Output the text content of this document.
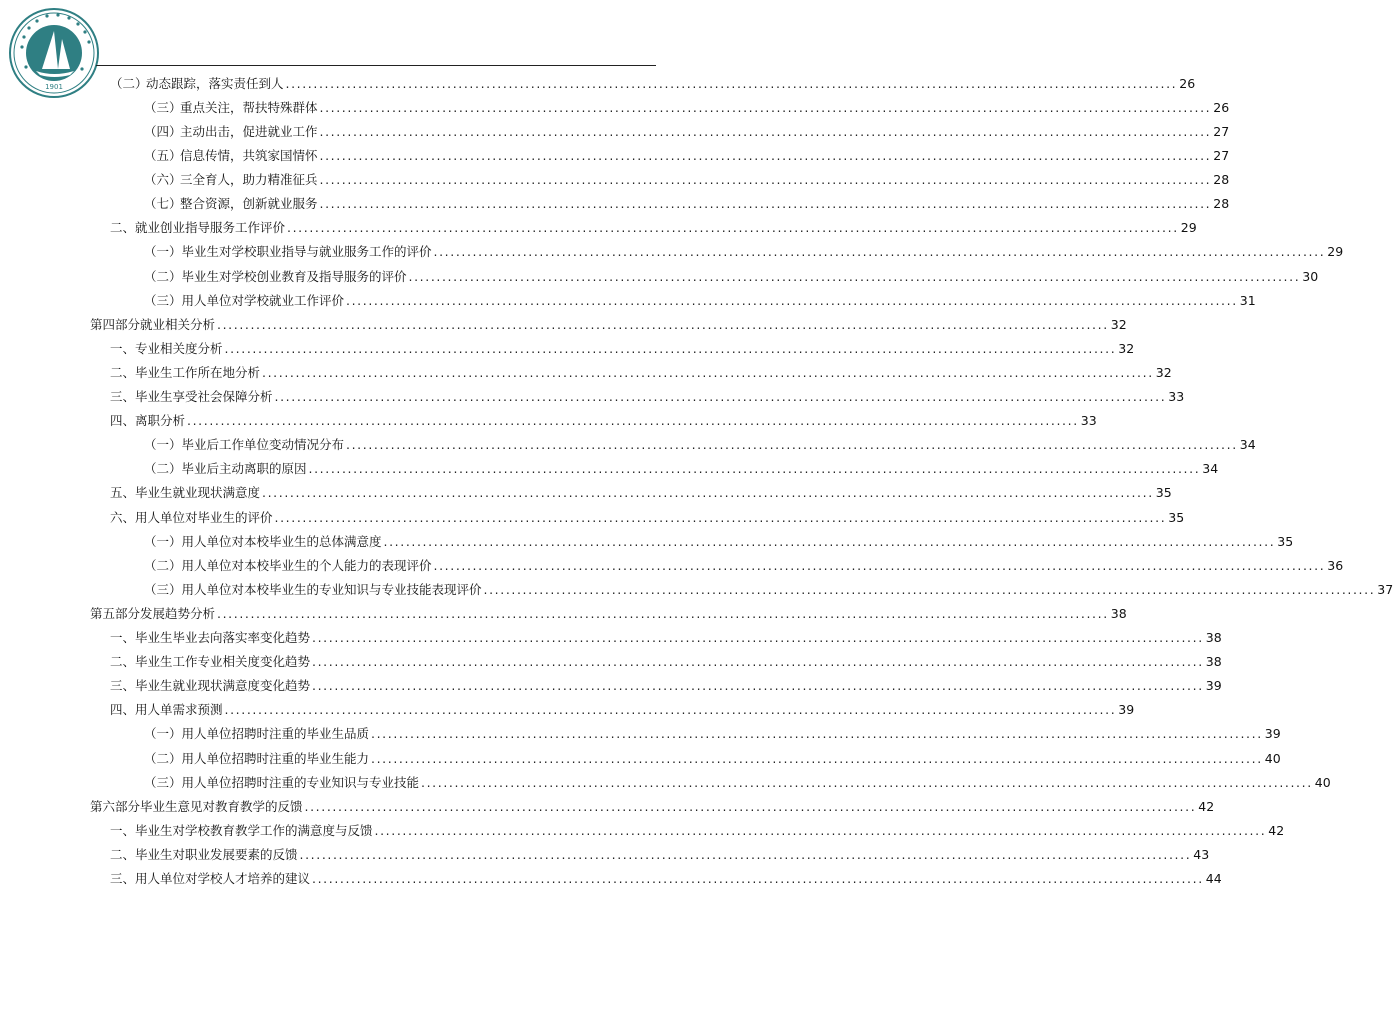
1901	（二）
动态跟踪，落实责任到人 ................................................................................................................................................................ 26
（三）
重点关注，帮扶特殊群体 ................................................................................................................................................................ 26
（四）
主动出击，促进就业工作 ................................................................................................................................................................ 27
（五）
信息传情，共筑家国情怀 ................................................................................................................................................................ 27
（六）
三全育人，助力精准征兵 ................................................................................................................................................................ 28
（七）
整合资源，创新就业服务 ................................................................................................................................................................ 28
二、 就业创业指导服务工作评价 ................................................................................................................................................................ 29
（一） 毕业生对学校职业指导与就业服务工作的评价 ................................................................................................................................................................ 29
（二） 毕业生对学校创业教育及指导服务的评价 ................................................................................................................................................................ 30
（三） 用人单位对学校就业工作评价 ................................................................................................................................................................ 31
第四部分 就业相关分析 ................................................................................................................................................................ 32
一、 专业相关度分析 ................................................................................................................................................................ 32
二、 毕业生工作所在地分析 ................................................................................................................................................................ 32
三、 毕业生享受社会保障分析 ................................................................................................................................................................ 33
四、 离职分析 ................................................................................................................................................................ 33
（一） 毕业后工作单位变动情况分布 ................................................................................................................................................................ 34
（二） 毕业后主动离职的原因 ................................................................................................................................................................ 34
五、 毕业生就业现状满意度 ................................................................................................................................................................ 35
六、 用人单位对毕业生的评价 ................................................................................................................................................................ 35
（一） 用人单位对本校毕业生的总体满意度 ................................................................................................................................................................ 35
（二） 用人单位对本校毕业生的个人能力的表现评价 ................................................................................................................................................................ 36
（三） 用人单位对本校毕业生的专业知识与专业技能表现评价 ................................................................................................................................................................ 37
第五部分 发展趋势分析 ................................................................................................................................................................ 38
一、 毕业生毕业去向落实率变化趋势 ................................................................................................................................................................ 38
二、 毕业生工作专业相关度变化趋势 ................................................................................................................................................................ 38
三、 毕业生就业现状满意度变化趋势 ................................................................................................................................................................ 39
四、 用人单需求预测 ................................................................................................................................................................ 39
（一） 用人单位招聘时注重的毕业生品质 ................................................................................................................................................................ 39
（二） 用人单位招聘时注重的毕业生能力 ................................................................................................................................................................ 40
（三） 用人单位招聘时注重的专业知识与专业技能 ................................................................................................................................................................ 40
第六部分 毕业生意见对教育教学的反馈 ................................................................................................................................................................ 42
一、 毕业生对学校教育教学工作的满意度与反馈 ................................................................................................................................................................ 42
二、 毕业生对职业发展要素的反馈 ................................................................................................................................................................ 43
三、 用人单位对学校人才培养的建议 ................................................................................................................................................................ 44
